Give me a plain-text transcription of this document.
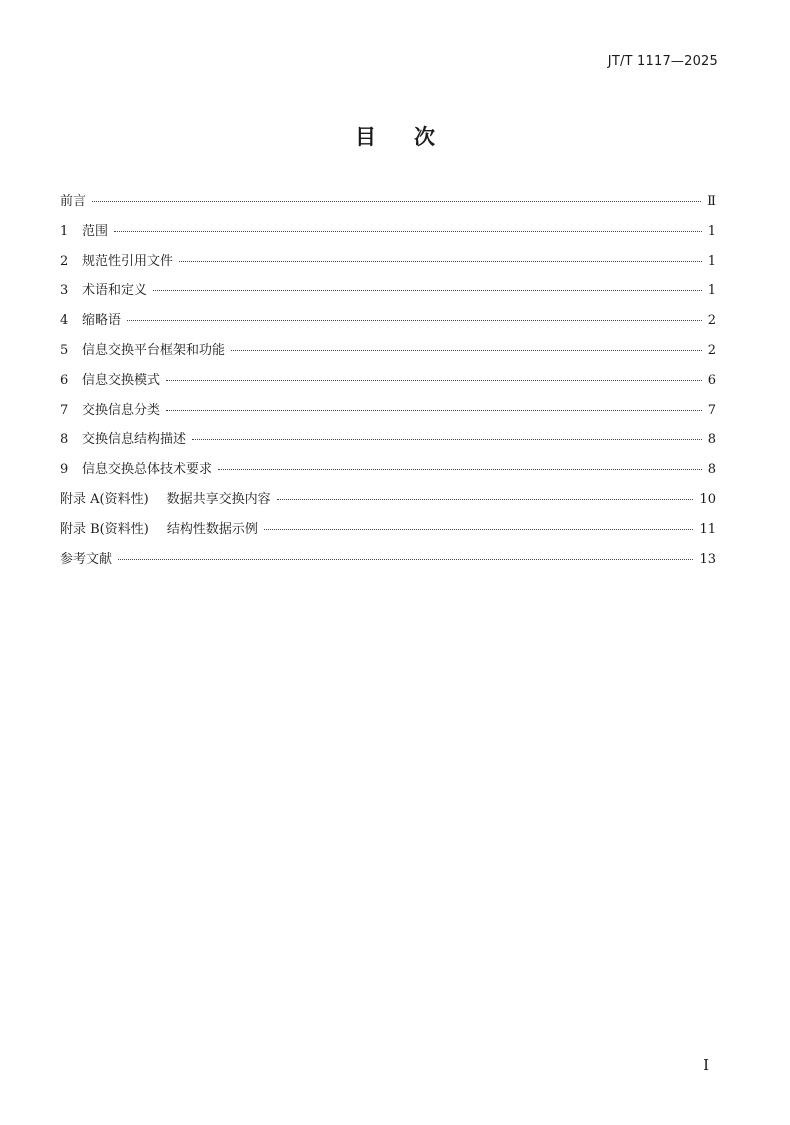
JT/T 1117—2025
目次
前言	Ⅱ
1	范围	1
2	规范性引用文件	1
3	术语和定义	1
4	缩略语	2
5	信息交换平台框架和功能	2
6	信息交换模式	6
7	交换信息分类	7
8	交换信息结构描述	8
9	信息交换总体技术要求	8
附录 A(资料性) 数据共享交换内容	10
附录 B(资料性) 结构性数据示例	11
参考文献	13
I
